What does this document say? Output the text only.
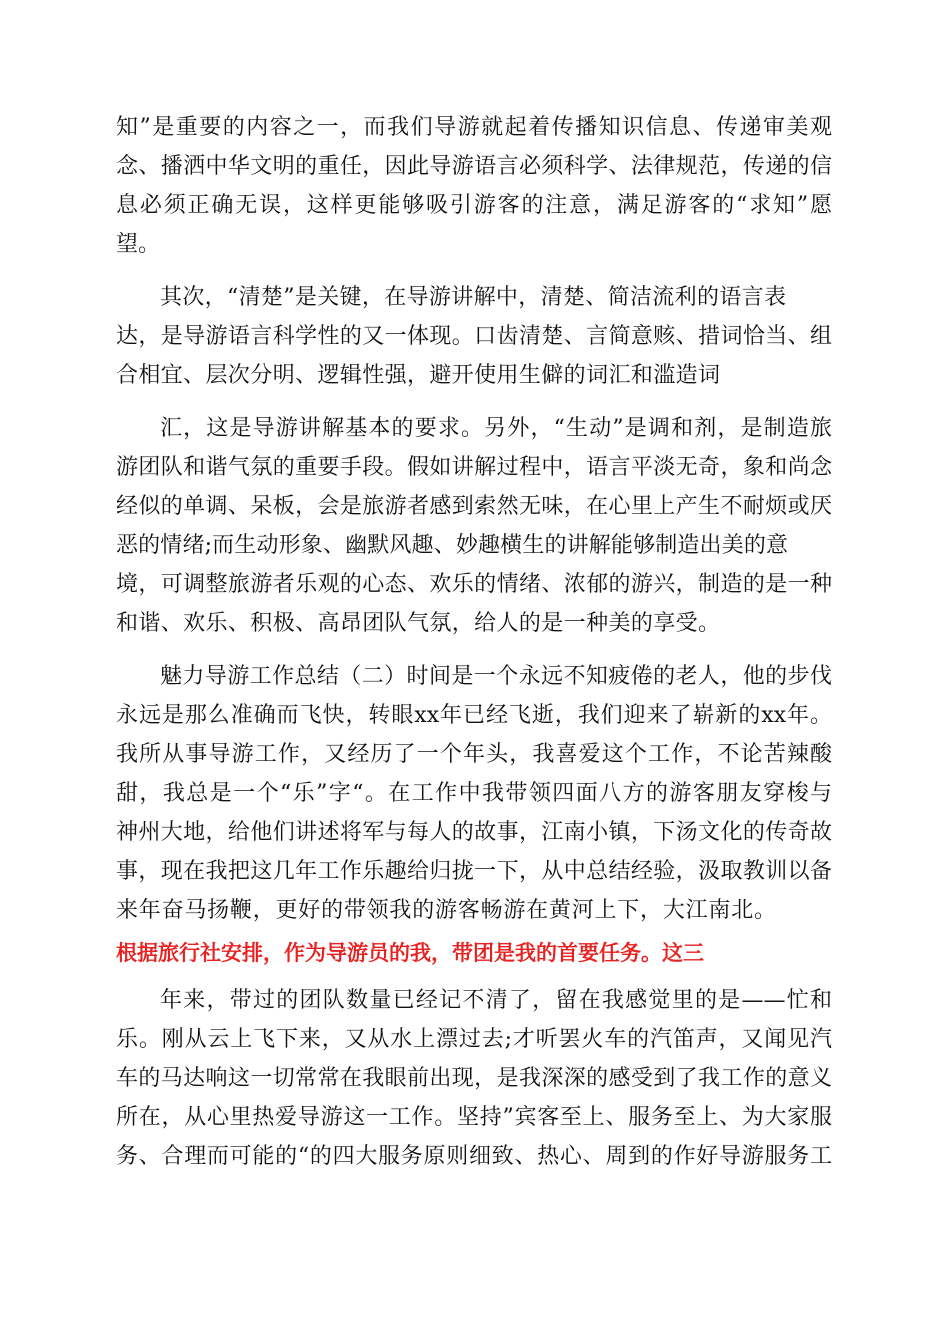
知”是重要的内容之一，而我们导游就起着传播知识信息、传递审美观

念、播洒中华文明的重任，因此导游语言必须科学、法律规范，传递的信

息必须正确无误，这样更能够吸引游客的注意，满足游客的“求知”愿

望。

其次，“清楚”是关键，在导游讲解中，清楚、简洁流利的语言表

达，是导游语言科学性的又一体现。口齿清楚、言简意赅、措词恰当、组

合相宜、层次分明、逻辑性强，避开使用生僻的词汇和滥造词

汇，这是导游讲解基本的要求。另外，“生动”是调和剂，是制造旅

游团队和谐气氛的重要手段。假如讲解过程中，语言平淡无奇，象和尚念

经似的单调、呆板，会是旅游者感到索然无味，在心里上产生不耐烦或厌

恶的情绪;而生动形象、幽默风趣、妙趣横生的讲解能够制造出美的意

境，可调整旅游者乐观的心态、欢乐的情绪、浓郁的游兴，制造的是一种

和谐、欢乐、积极、高昂团队气氛，给人的是一种美的享受。

魅力导游工作总结（二）时间是一个永远不知疲倦的老人，他的步伐

永远是那么准确而飞快，转眼xx年已经飞逝，我们迎来了崭新的xx年。

我所从事导游工作，又经历了一个年头，我喜爱这个工作，不论苦辣酸

甜，我总是一个“乐”字“。在工作中我带领四面八方的游客朋友穿梭与

神州大地，给他们讲述将军与每人的故事，江南小镇，下汤文化的传奇故

事，现在我把这几年工作乐趣给归拢一下，从中总结经验，汲取教训以备

来年奋马扬鞭，更好的带领我的游客畅游在黄河上下，大江南北。

根据旅行社安排，作为导游员的我，带团是我的首要任务。这三

年来，带过的团队数量已经记不清了，留在我感觉里的是——忙和

乐。刚从云上飞下来，又从水上漂过去;才听罢火车的汽笛声，又闻见汽

车的马达响这一切常常在我眼前出现，是我深深的感受到了我工作的意义

所在，从心里热爱导游这一工作。坚持”宾客至上、服务至上、为大家服

务、合理而可能的“的四大服务原则细致、热心、周到的作好导游服务工
